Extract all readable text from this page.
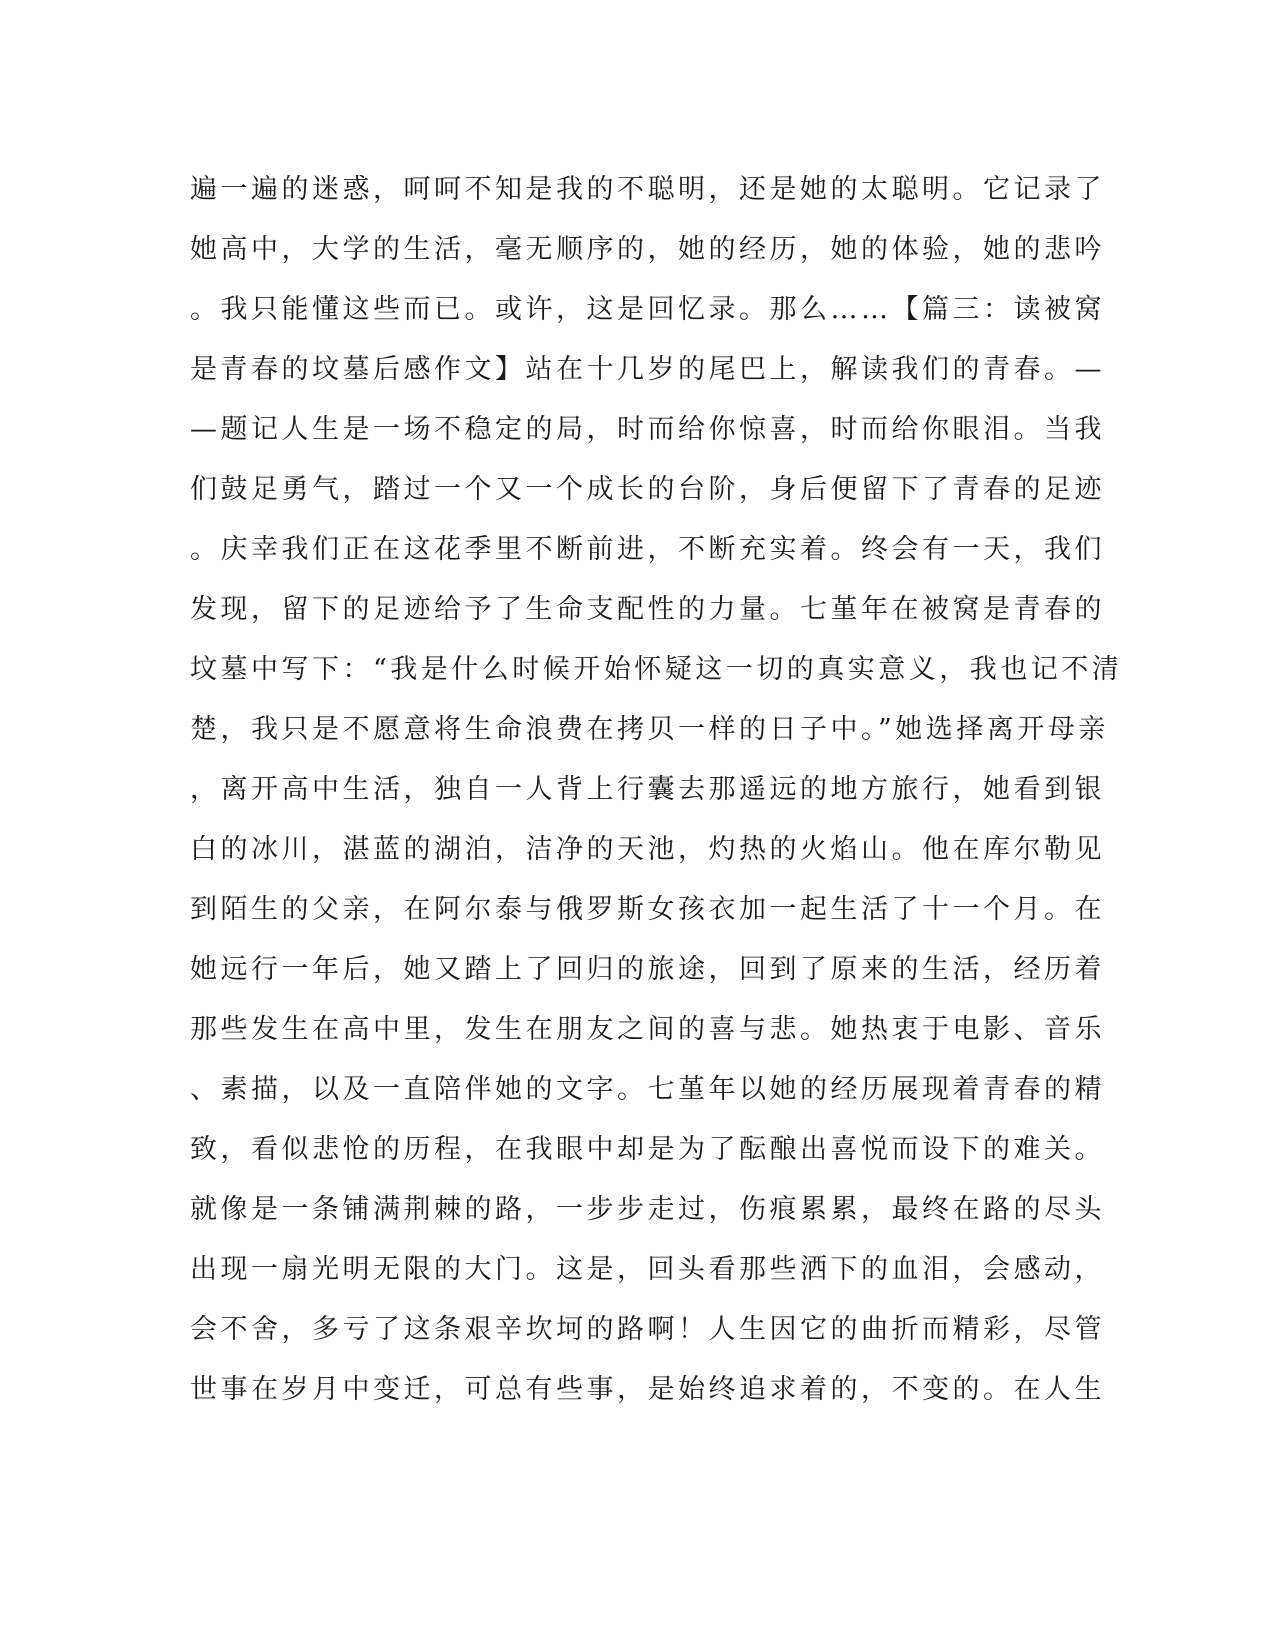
遍一遍的迷惑，呵呵不知是我的不聪明，还是她的太聪明。它记录了
她高中，大学的生活，毫无顺序的，她的经历，她的体验，她的悲吟
。我只能懂这些而已。或许，这是回忆录。那么……【篇三：读被窝
是青春的坟墓后感作文】站在十几岁的尾巴上，解读我们的青春。—
—题记人生是一场不稳定的局，时而给你惊喜，时而给你眼泪。当我
们鼓足勇气，踏过一个又一个成长的台阶，身后便留下了青春的足迹
。庆幸我们正在这花季里不断前进，不断充实着。终会有一天，我们
发现，留下的足迹给予了生命支配性的力量。七堇年在被窝是青春的
坟墓中写下：“我是什么时候开始怀疑这一切的真实意义，我也记不清
楚，我只是不愿意将生命浪费在拷贝一样的日子中。”她选择离开母亲
，离开高中生活，独自一人背上行囊去那遥远的地方旅行，她看到银
白的冰川，湛蓝的湖泊，洁净的天池，灼热的火焰山。他在库尔勒见
到陌生的父亲，在阿尔泰与俄罗斯女孩衣加一起生活了十一个月。在
她远行一年后，她又踏上了回归的旅途，回到了原来的生活，经历着
那些发生在高中里，发生在朋友之间的喜与悲。她热衷于电影、音乐
、素描，以及一直陪伴她的文字。七堇年以她的经历展现着青春的精
致，看似悲怆的历程，在我眼中却是为了酝酿出喜悦而设下的难关。
就像是一条铺满荆棘的路，一步步走过，伤痕累累，最终在路的尽头
出现一扇光明无限的大门。这是，回头看那些洒下的血泪，会感动，
会不舍，多亏了这条艰辛坎坷的路啊！人生因它的曲折而精彩，尽管
世事在岁月中变迁，可总有些事，是始终追求着的，不变的。在人生
